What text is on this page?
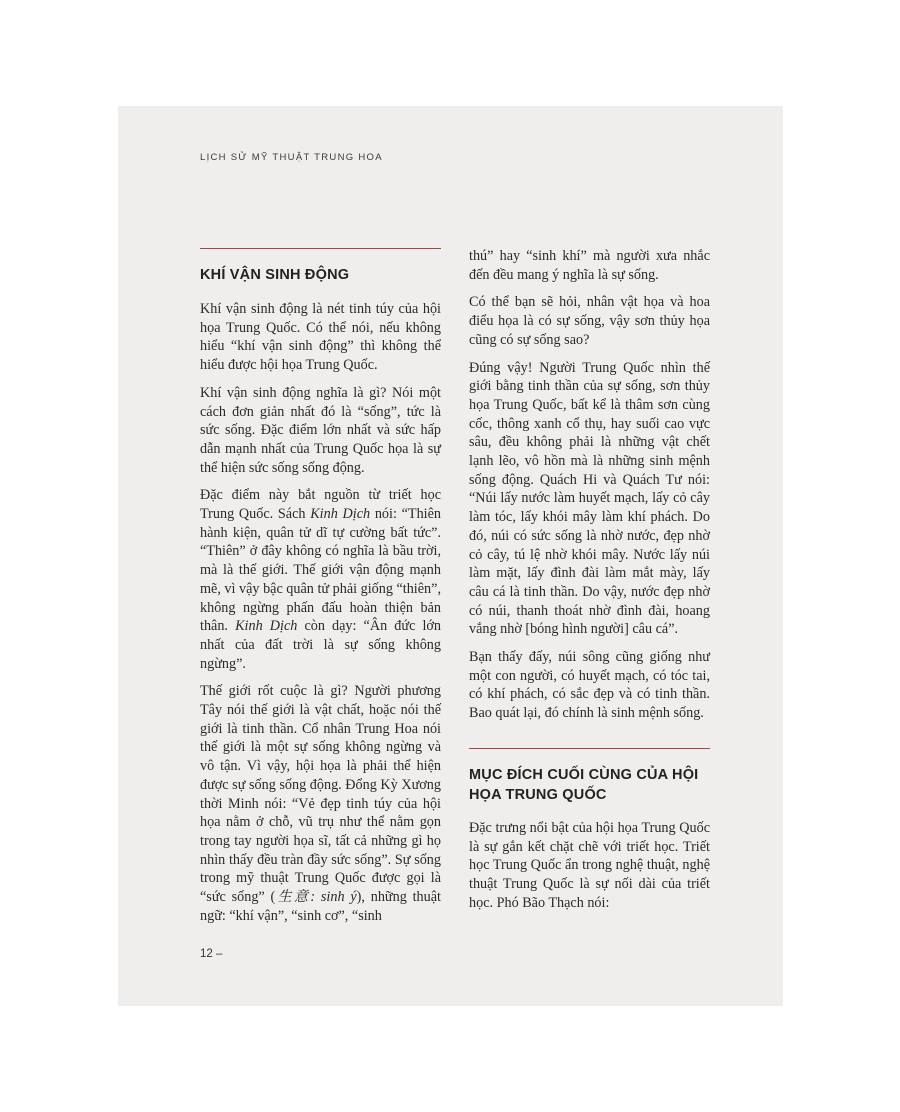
LỊCH SỬ MỸ THUẬT TRUNG HOA
KHÍ VẬN SINH ĐỘNG

Khí vận sinh động là nét tinh túy của hội họa Trung Quốc. Có thể nói, nếu không hiểu “khí vận sinh động” thì không thể hiểu được hội họa Trung Quốc.

Khí vận sinh động nghĩa là gì? Nói một cách đơn giản nhất đó là “sống”, tức là sức sống. Đặc điểm lớn nhất và sức hấp dẫn mạnh nhất của Trung Quốc họa là sự thể hiện sức sống sống động.

Đặc điểm này bắt nguồn từ triết học Trung Quốc. Sách Kinh Dịch nói: “Thiên hành kiện, quân tử dĩ tự cường bất tức”. “Thiên” ở đây không có nghĩa là bầu trời, mà là thế giới. Thế giới vận động mạnh mẽ, vì vậy bậc quân tử phải giống “thiên”, không ngừng phấn đấu hoàn thiện bản thân. Kinh Dịch còn dạy: “Ân đức lớn nhất của đất trời là sự sống không ngừng”.

Thế giới rốt cuộc là gì? Người phương Tây nói thế giới là vật chất, hoặc nói thế giới là tinh thần. Cổ nhân Trung Hoa nói thế giới là một sự sống không ngừng và vô tận. Vì vậy, hội họa là phải thể hiện được sự sống sống động. Đổng Kỳ Xương thời Minh nói: “Vẻ đẹp tinh túy của hội họa nằm ở chỗ, vũ trụ như thể nằm gọn trong tay người họa sĩ, tất cả những gì họ nhìn thấy đều tràn đầy sức sống”. Sự sống trong mỹ thuật Trung Quốc được gọi là “sức sống” (生意: sinh ý), những thuật ngữ: “khí vận”, “sinh cơ”, “sinh

thú” hay “sinh khí” mà người xưa nhắc đến đều mang ý nghĩa là sự sống.

Có thể bạn sẽ hỏi, nhân vật họa và hoa điểu họa là có sự sống, vậy sơn thủy họa cũng có sự sống sao?

Đúng vậy! Người Trung Quốc nhìn thế giới bằng tinh thần của sự sống, sơn thủy họa Trung Quốc, bất kể là thâm sơn cùng cốc, thông xanh cổ thụ, hay suối cao vực sâu, đều không phải là những vật chết lạnh lẽo, vô hồn mà là những sinh mệnh sống động. Quách Hi và Quách Tư nói: “Núi lấy nước làm huyết mạch, lấy cỏ cây làm tóc, lấy khói mây làm khí phách. Do đó, núi có sức sống là nhờ nước, đẹp nhờ cỏ cây, tú lệ nhờ khói mây. Nước lấy núi làm mặt, lấy đình đài làm mắt mày, lấy câu cá là tinh thần. Do vậy, nước đẹp nhờ có núi, thanh thoát nhờ đình đài, hoang vắng nhờ [bóng hình người] câu cá”.

Bạn thấy đấy, núi sông cũng giống như một con người, có huyết mạch, có tóc tai, có khí phách, có sắc đẹp và có tinh thần. Bao quát lại, đó chính là sinh mệnh sống.

MỤC ĐÍCH CUỐI CÙNG CỦA HỘI HỌA TRUNG QUỐC

Đặc trưng nổi bật của hội họa Trung Quốc là sự gắn kết chặt chẽ với triết học. Triết học Trung Quốc ẩn trong nghệ thuật, nghệ thuật Trung Quốc là sự nối dài của triết học. Phó Bão Thạch nói:

12 –
